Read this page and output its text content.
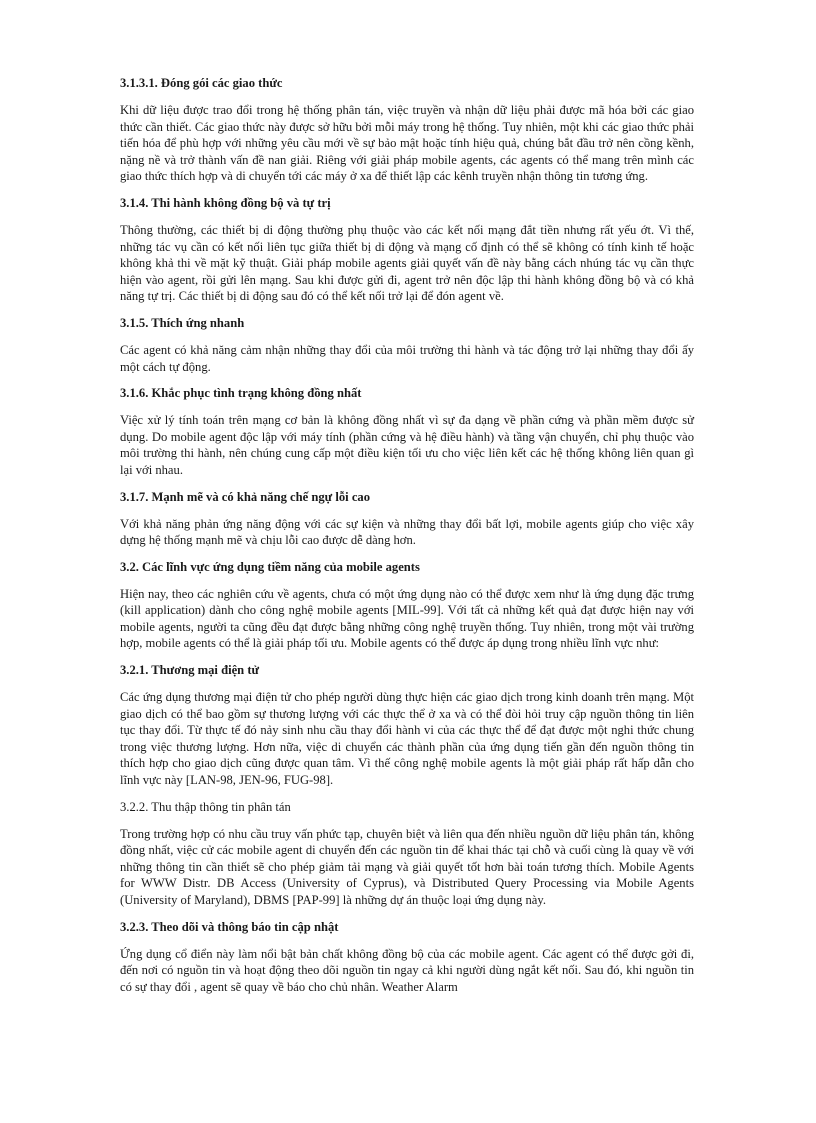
3.1.3.1. Đóng gói các giao thức
Khi dữ liệu được trao đổi trong hệ thống phân tán, việc truyền và nhận dữ liệu phải được mã hóa bởi các giao thức cần thiết. Các giao thức này được sở hữu bởi mỗi máy trong hệ thống. Tuy nhiên, một khi các giao thức phải tiến hóa để phù hợp với những yêu cầu mới về sự bảo mật hoặc tính hiệu quả, chúng bắt đầu trở nên cồng kềnh, nặng nề và trở thành vấn đề nan giải. Riêng với giải pháp mobile agents, các agents có thể mang trên mình các giao thức thích hợp và di chuyển tới các máy ở xa để thiết lập các kênh truyền nhận thông tin tương ứng.
3.1.4. Thi hành không đồng bộ và tự trị
Thông thường, các thiết bị di động thường phụ thuộc vào các kết nối mạng đắt tiền nhưng rất yếu ớt. Vì thế, những tác vụ cần có kết nối liên tục giữa thiết bị di động và mạng cố định có thể sẽ không có tính kinh tế hoặc không khả thi về mặt kỹ thuật. Giải pháp mobile agents giải quyết vấn đề này bằng cách nhúng tác vụ cần thực hiện vào agent, rồi gửi lên mạng. Sau khi được gửi đi, agent trở nên độc lập thi hành không đồng bộ và có khả năng tự trị. Các thiết bị di động sau đó có thể kết nối trở lại để đón agent về.
3.1.5. Thích ứng nhanh
Các agent có khả năng cảm nhận những thay đổi của môi trường thi hành và tác động trở lại những thay đổi ấy một cách tự động.
3.1.6. Khắc phục tình trạng không đồng nhất
Việc xử lý tính toán trên mạng cơ bản là không đồng nhất vì sự đa dạng về phần cứng và phần mềm được sử dụng. Do mobile agent độc lập với máy tính (phần cứng và hệ điều hành) và tầng vận chuyển, chỉ phụ thuộc vào môi trường thi hành, nên chúng cung cấp một điều kiện tối ưu cho việc liên kết các hệ thống không liên quan gì lại với nhau.
3.1.7. Mạnh mẽ và có khả năng chế ngự lỗi cao
Với khả năng phản ứng năng động với các sự kiện và những thay đổi bất lợi, mobile agents giúp cho việc xây dựng hệ thống mạnh mẽ và chịu lỗi cao được dễ dàng hơn.
3.2. Các lĩnh vực ứng dụng tiềm năng của mobile agents
Hiện nay, theo các nghiên cứu về agents, chưa có một ứng dụng nào có thể được xem như là ứng dụng đặc trưng (kill application) dành cho công nghệ mobile agents [MIL-99]. Với tất cả những kết quả đạt được hiện nay với mobile agents, người ta cũng đều đạt được bằng những công nghệ truyền thống. Tuy nhiên, trong một vài trường hợp, mobile agents có thể là giải pháp tối ưu. Mobile agents có thể được áp dụng trong nhiều lĩnh vực như:
3.2.1. Thương mại điện tử
Các ứng dụng thương mại điện tử cho phép người dùng thực hiện các giao dịch trong kinh doanh trên mạng. Một giao dịch có thể bao gồm sự thương lượng với các thực thể ở xa và có thể đòi hỏi truy cập nguồn thông tin liên tục thay đổi. Từ thực tế đó nảy sinh nhu cầu thay đổi hành vi của các thực thể để đạt được một nghi thức chung trong việc thương lượng. Hơn nữa, việc di chuyển các thành phần của ứng dụng tiến gần đến nguồn thông tin thích hợp cho giao dịch cũng được quan tâm. Vì thế công nghệ mobile agents là một giải pháp rất hấp dẫn cho lĩnh vực này [LAN-98, JEN-96, FUG-98].
3.2.2. Thu thập thông tin phân tán
Trong trường hợp có nhu cầu truy vấn phức tạp, chuyên biệt và liên qua đến nhiều nguồn dữ liệu phân tán, không đồng nhất, việc cử các mobile agent di chuyển đến các nguồn tin để khai thác tại chỗ và cuối cùng là quay về với những thông tin cần thiết sẽ cho phép giảm tải mạng và giải quyết tốt hơn bài toán tương thích. Mobile Agents for WWW Distr. DB Access (University of Cyprus), và Distributed Query Processing via Mobile Agents (University of Maryland), DBMS [PAP-99] là những dự án thuộc loại ứng dụng này.
3.2.3. Theo dõi và thông báo tin cập nhật
Ứng dụng cổ điển này làm nổi bật bản chất không đồng bộ của các mobile agent. Các agent có thể được gởi đi, đến nơi có nguồn tin và hoạt động theo dõi nguồn tin ngay cả khi người dùng ngắt kết nối. Sau đó, khi nguồn tin có sự thay đổi , agent sẽ quay về báo cho chủ nhân. Weather Alarm
